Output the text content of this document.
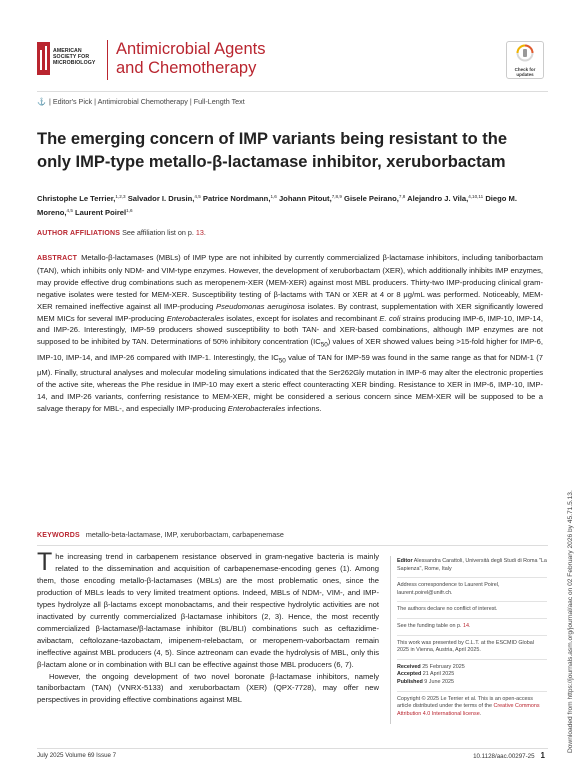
AMERICAN
SOCIETY FOR
MICROBIOLOGY
Antimicrobial Agents
and Chemotherapy	Check for
updates
⚓ | Editor's Pick | Antimicrobial Chemotherapy | Full-Length Text
The emerging concern of IMP variants being resistant to the only IMP-type metallo-β-lactamase inhibitor, xeruborbactam
Christophe Le Terrier,$^{1,2,3}$ Salvador I. Drusin,$^{4,5}$ Patrice Nordmann,$^{1,6}$ Johann Pitout,$^{7,8,9}$ Gisele Peirano,$^{7,8}$ Alejandro J. Vila,$^{4,10,11}$ Diego M. Moreno,$^{4,5}$ Laurent Poirel$^{1,6}$
AUTHOR AFFILIATIONS See affiliation list on p. 13.

ABSTRACT Metallo-β-lactamases (MBLs) of IMP type are not inhibited by currently commercialized β-lactamase inhibitors, including taniborbactam (TAN), which inhibits only NDM- and VIM-type enzymes. However, the development of xeruborbactam (XER), which additionally inhibits IMP enzymes, may provide effective drug combinations such as meropenem-XER (MEM-XER) against most MBL producers. Thirty-two IMP-producing clinical gram-negative isolates were tested for MEM-XER. Susceptibility testing of β-lactams with TAN or XER at 4 or 8 μg/mL was performed. Noticeably, MEM-XER remained ineffective against all IMP-producing Pseudomonas aeruginosa isolates. By contrast, supplementation with XER significantly lowered MEM MICs for several IMP-producing Enterobacterales isolates, except for isolates and recombinant E. coli strains producing IMP-6, IMP-10, IMP-14, and IMP-26. Interestingly, IMP-59 producers showed susceptibility to both TAN- and XER-based combinations, although IMP enzymes are not supposed to be inhibited by TAN. Determinations of 50% inhibitory concentration $(IC_{50})$ values of XER showed values being >15-fold higher for IMP-6, IMP-10, IMP-14, and IMP-26 compared with IMP-1. Interestingly, the $IC_{50}$ value of TAN for IMP-59 was found in the same range as that for NDM-1 (7 μM). Finally, structural analyses and molecular modeling simulations indicated that the Ser262Gly mutation in IMP-6 may alter the electronic properties of the active site, whereas the Phe residue in IMP-10 may exert a steric effect counteracting XER binding. Resistance to XER in IMP-6, IMP-10, IMP-14, and IMP-26 variants, conferring resistance to MEM-XER, might be considered a serious concern since MEM-XER will be supposed to be a salvage therapy for MBL-, and especially IMP-producing Enterobacterales infections.

KEYWORDS metallo-beta-lactamase, IMP, xeruborbactam, carbapenemase

The increasing trend in carbapenem resistance observed in gram-negative bacteria is mainly related to the dissemination and acquisition of carbapenemase-encoding genes (1). Among them, those encoding metallo-β-lactamases (MBLs) are the most problematic ones, since the production of MBLs leads to very limited treatment options. Indeed, MBLs of NDM-, VIM-, and IMP-types hydrolyze all β-lactams except monobactams, and their respective hydrolytic activities are not inactivated by currently commercialized β-lactamase inhibitors (2, 3). Hence, the most recently commercialized β-lactamase/β-lactamase inhibitor (BL/BLI) combinations such as ceftazidime-avibactam, ceftolozane-tazobactam, imipenem-relebactam, or meropenem-vaborbactam remain ineffective against MBL producers (4, 5). Since aztreonam can evade the hydrolysis of MBL, only this β-lactam alone or in combination with BLI can be effective against those MBL producers (6, 7).

However, the ongoing development of two novel boronate β-lactamase inhibitors, namely taniborbactam (TAN) (VNRX-5133) and xeruborbactam (XER) (QPX-7728), may offer new perspectives in providing effective combinations against MBL

Editor Alessandra Carattoli, Università degli Studi di Roma "La Sapienza", Rome, Italy
Address correspondence to Laurent Poirel, laurent.poirel@unifr.ch.
The authors declare no conflict of interest.
See the funding table on p. 14.
This work was presented by C.L.T. at the ESCMID Global 2025 in Vienna, Austria, April 2025.
Received 25 February 2025
Accepted 21 April 2025
Published 9 June 2025
Copyright © 2025 Le Terrier et al. This is an open-access article distributed under the terms of the Creative Commons Attribution 4.0 International license.
July 2025 Volume 69 Issue 7	10.1128/aac.00297-25 1
Downloaded from https://journals.asm.org/journal/aac on 02 February 2026 by 45.71.5.13.
